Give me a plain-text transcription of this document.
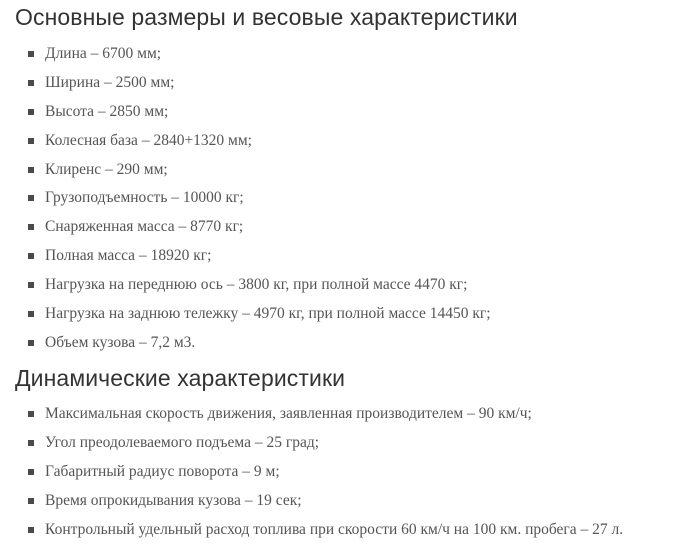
Основные размеры и весовые характеристики
Длина – 6700 мм;
Ширина – 2500 мм;
Высота – 2850 мм;
Колесная база – 2840+1320 мм;
Клиренс – 290 мм;
Грузоподъемность – 10000 кг;
Снаряженная масса – 8770 кг;
Полная масса – 18920 кг;
Нагрузка на переднюю ось – 3800 кг, при полной массе 4470 кг;
Нагрузка на заднюю тележку – 4970 кг, при полной массе 14450 кг;
Объем кузова – 7,2 м3.
Динамические характеристики
Максимальная скорость движения, заявленная производителем – 90 км/ч;
Угол преодолеваемого подъема – 25 град;
Габаритный радиус поворота – 9 м;
Время опрокидывания кузова – 19 сек;
Контрольный удельный расход топлива при скорости 60 км/ч на 100 км. пробега – 27 л.
